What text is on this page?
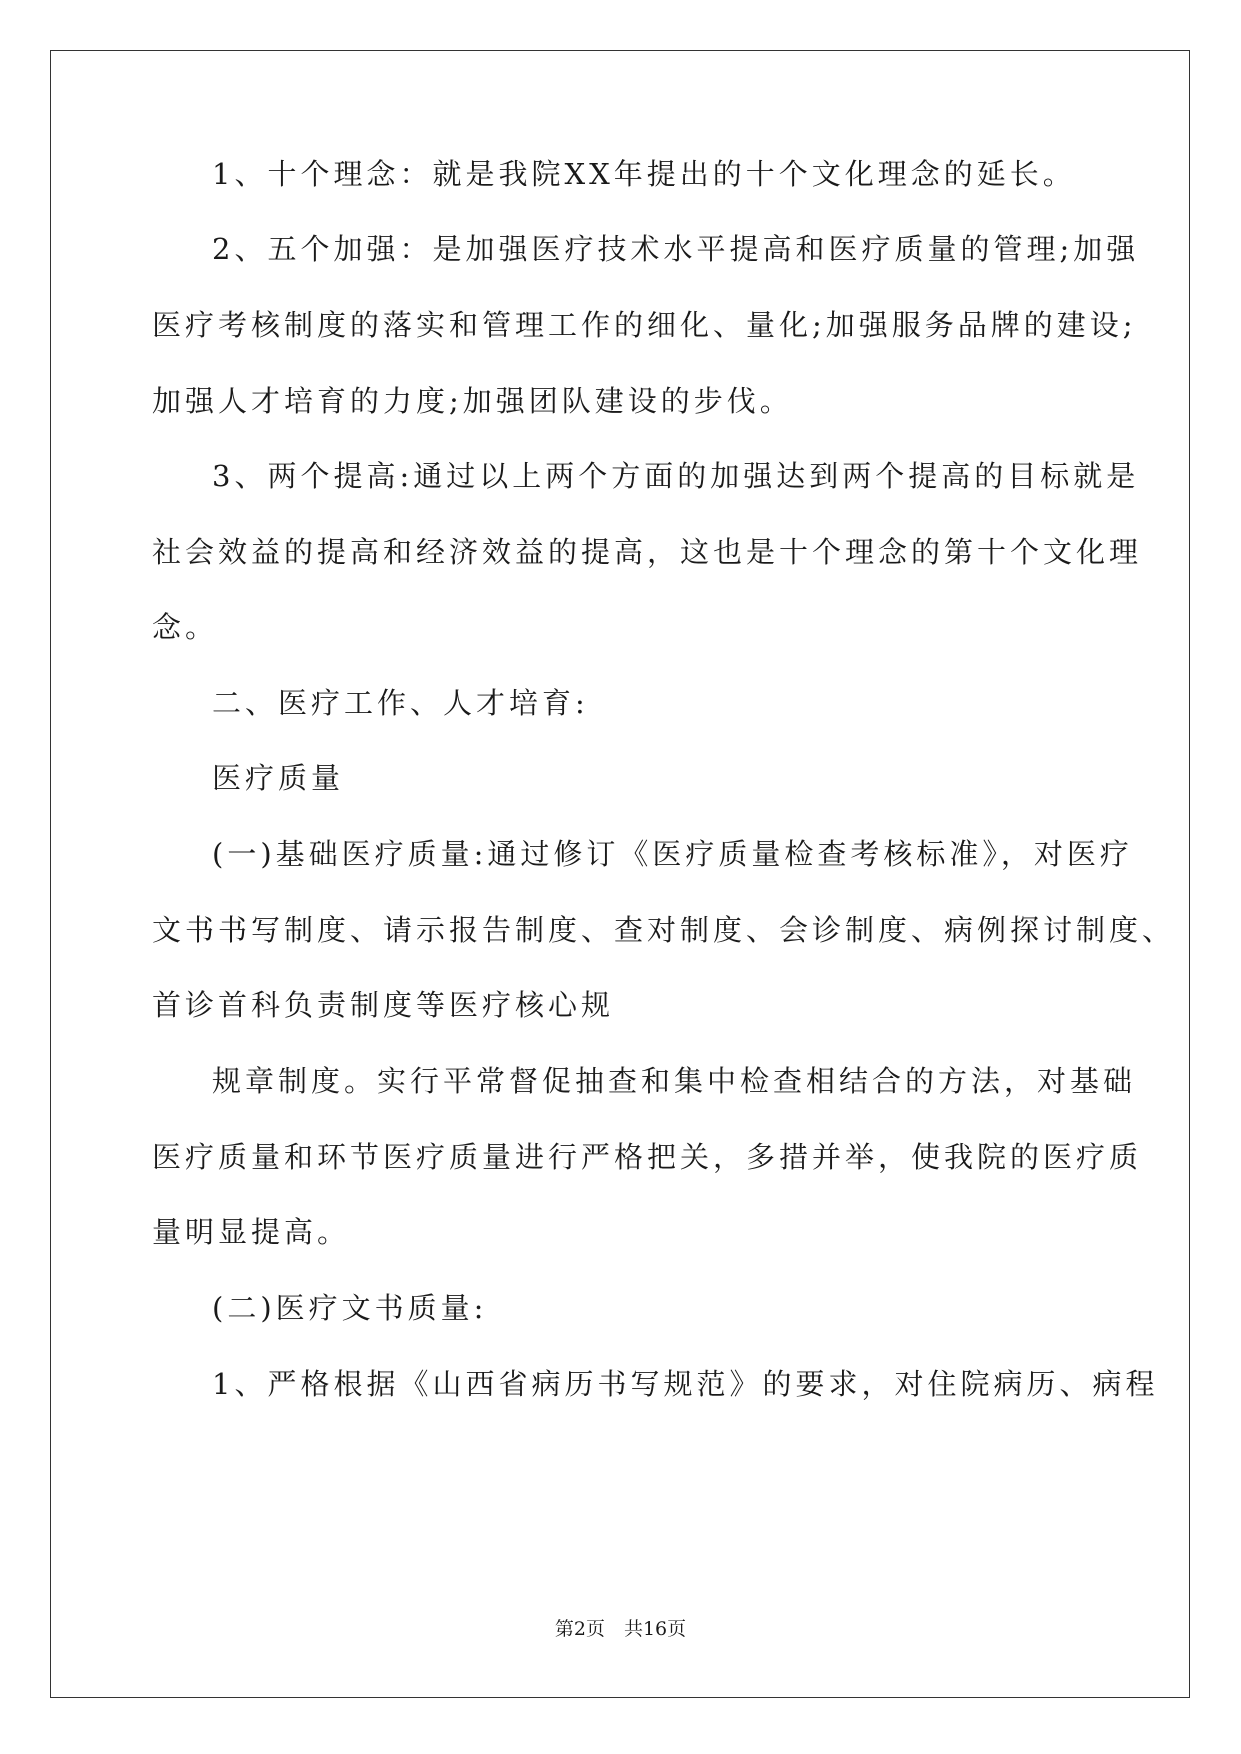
1、十个理念：就是我院XX年提出的十个文化理念的延长。
2、五个加强：是加强医疗技术水平提高和医疗质量的管理;加强
医疗考核制度的落实和管理工作的细化、量化;加强服务品牌的建设;
加强人才培育的力度;加强团队建设的步伐。
3、两个提高:通过以上两个方面的加强达到两个提高的目标就是
社会效益的提高和经济效益的提高，这也是十个理念的第十个文化理
念。
二、医疗工作、人才培育:
医疗质量
(一)基础医疗质量:通过修订《医疗质量检查考核标准》，对医疗
文书书写制度、请示报告制度、查对制度、会诊制度、病例探讨制度、
首诊首科负责制度等医疗核心规
规章制度。实行平常督促抽查和集中检查相结合的方法，对基础
医疗质量和环节医疗质量进行严格把关，多措并举，使我院的医疗质
量明显提高。
(二)医疗文书质量:
1、严格根据《山西省病历书写规范》的要求，对住院病历、病程
第2页　共16页
